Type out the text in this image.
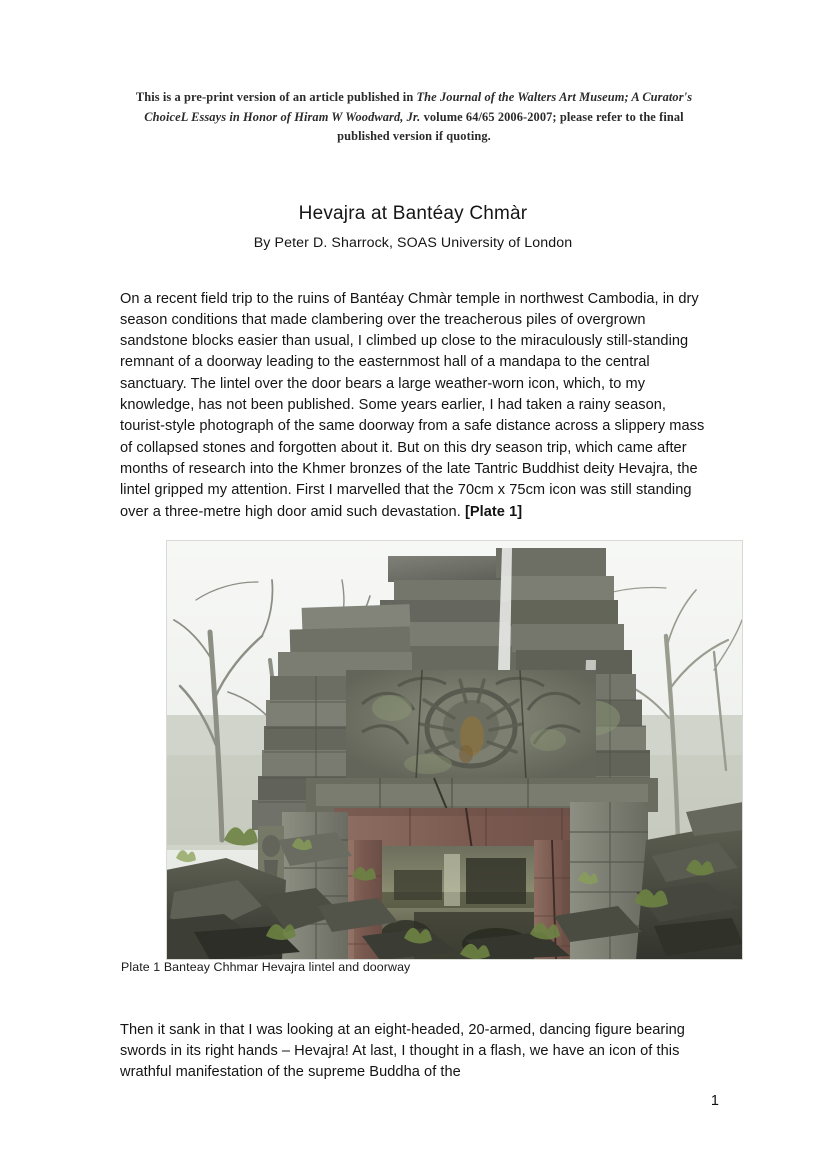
This is a pre-print version of an article published in The Journal of the Walters Art Museum; A Curator's ChoiceL Essays in Honor of Hiram W Woodward, Jr. volume 64/65 2006-2007; please refer to the final published version if quoting.
Hevajra at Bantéay Chmàr
By Peter D. Sharrock, SOAS University of London

On a recent field trip to the ruins of Bantéay Chmàr temple in northwest Cambodia, in dry season conditions that made clambering over the treacherous piles of overgrown sandstone blocks easier than usual, I climbed up close to the miraculously still-standing remnant of a doorway leading to the easternmost hall of a mandapa to the central sanctuary. The lintel over the door bears a large weather-worn icon, which, to my knowledge, has not been published. Some years earlier, I had taken a rainy season, tourist-style photograph of the same doorway from a safe distance across a slippery mass of collapsed stones and forgotten about it. But on this dry season trip, which came after months of research into the Khmer bronzes of the late Tantric Buddhist deity Hevajra, the lintel gripped my attention. First I marvelled that the 70cm x 75cm icon was still standing over a three-metre high door amid such devastation. [Plate 1]

Plate 1 Banteay Chhmar Hevajra lintel and doorway

Then it sank in that I was looking at an eight-headed, 20-armed, dancing figure bearing swords in its right hands – Hevajra! At last, I thought in a flash, we have an icon of this wrathful manifestation of the supreme Buddha of the

1
